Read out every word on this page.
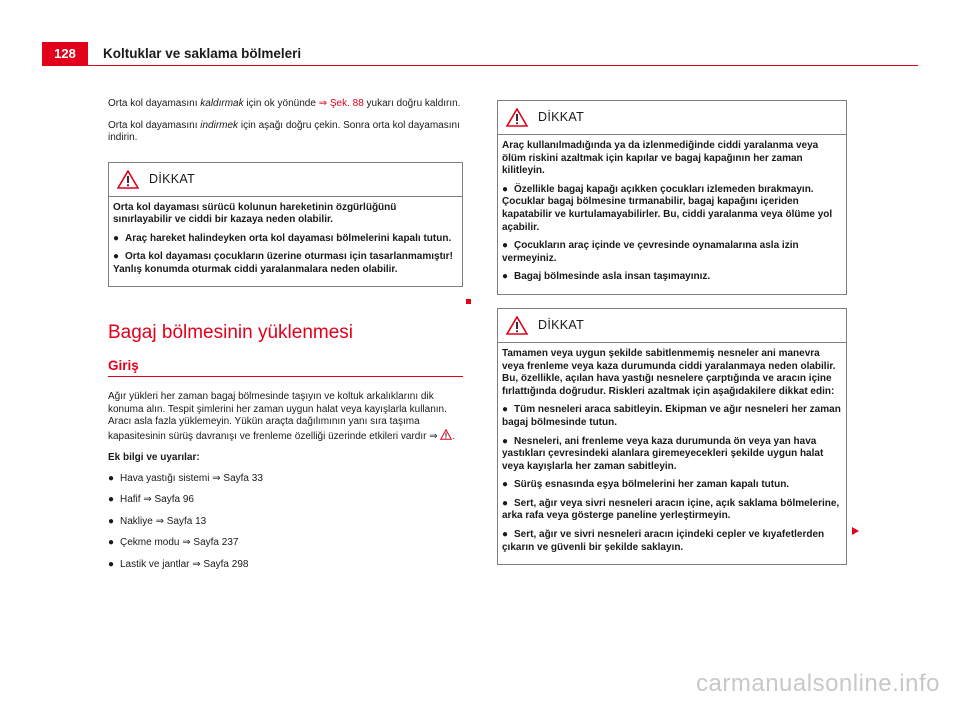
128	Koltuklar ve saklama bölmeleri

Orta kol dayamasını kaldırmak için ok yönünde ⇒ Şek. 88 yukarı doğru kaldırın.

Orta kol dayamasını indirmek için aşağı doğru çekin. Sonra orta kol dayamasını indirin.

DİKKAT

Orta kol dayaması sürücü kolunun hareketinin özgürlüğünü sınırlayabilir ve ciddi bir kazaya neden olabilir.

● Araç hareket halindeyken orta kol dayaması bölmelerini kapalı tutun.

● Orta kol dayaması çocukların üzerine oturması için tasarlanmamıştır! Yanlış konumda oturmak ciddi yaralanmalara neden olabilir.

Bagaj bölmesinin yüklenmesi
Giriş

Ağır yükleri her zaman bagaj bölmesinde taşıyın ve koltuk arkalıklarını dik konuma alın. Tespit şimlerini her zaman uygun halat veya kayışlarla kullanın. Aracı asla fazla yüklemeyin. Yükün araçta dağılımının yanı sıra taşıma kapasitesinin sürüş davranışı ve frenleme özelliği üzerinde etkileri vardır ⇒ .

Ek bilgi ve uyarılar:

● Hava yastığı sistemi ⇒ Sayfa 33
● Hafif ⇒ Sayfa 96
● Nakliye ⇒ Sayfa 13
● Çekme modu ⇒ Sayfa 237
● Lastik ve jantlar ⇒ Sayfa 298
DİKKAT

Araç kullanılmadığında ya da izlenmediğinde ciddi yaralanma veya ölüm riskini azaltmak için kapılar ve bagaj kapağının her zaman kilitleyin.

● Özellikle bagaj kapağı açıkken çocukları izlemeden bırakmayın. Çocuklar bagaj bölmesine tırmanabilir, bagaj kapağını içeriden kapatabilir ve kurtulamayabilirler. Bu, ciddi yaralanma veya ölüme yol açabilir.

● Çocukların araç içinde ve çevresinde oynamalarına asla izin vermeyiniz.

● Bagaj bölmesinde asla insan taşımayınız.

DİKKAT

Tamamen veya uygun şekilde sabitlenmemiş nesneler ani manevra veya frenleme veya kaza durumunda ciddi yaralanmaya neden olabilir. Bu, özellikle, açılan hava yastığı nesnelere çarptığında ve aracın içine fırlattığında doğrudur. Riskleri azaltmak için aşağıdakilere dikkat edin:

● Tüm nesneleri araca sabitleyin. Ekipman ve ağır nesneleri her zaman bagaj bölmesinde tutun.

● Nesneleri, ani frenleme veya kaza durumunda ön veya yan hava yastıkları çevresindeki alanlara giremeyecekleri şekilde uygun halat veya kayışlarla her zaman sabitleyin.

● Sürüş esnasında eşya bölmelerini her zaman kapalı tutun.

● Sert, ağır veya sivri nesneleri aracın içine, açık saklama bölmelerine, arka rafa veya gösterge paneline yerleştirmeyin.

● Sert, ağır ve sivri nesneleri aracın içindeki cepler ve kıyafetlerden çıkarın ve güvenli bir şekilde saklayın.

carmanualsonline.info
